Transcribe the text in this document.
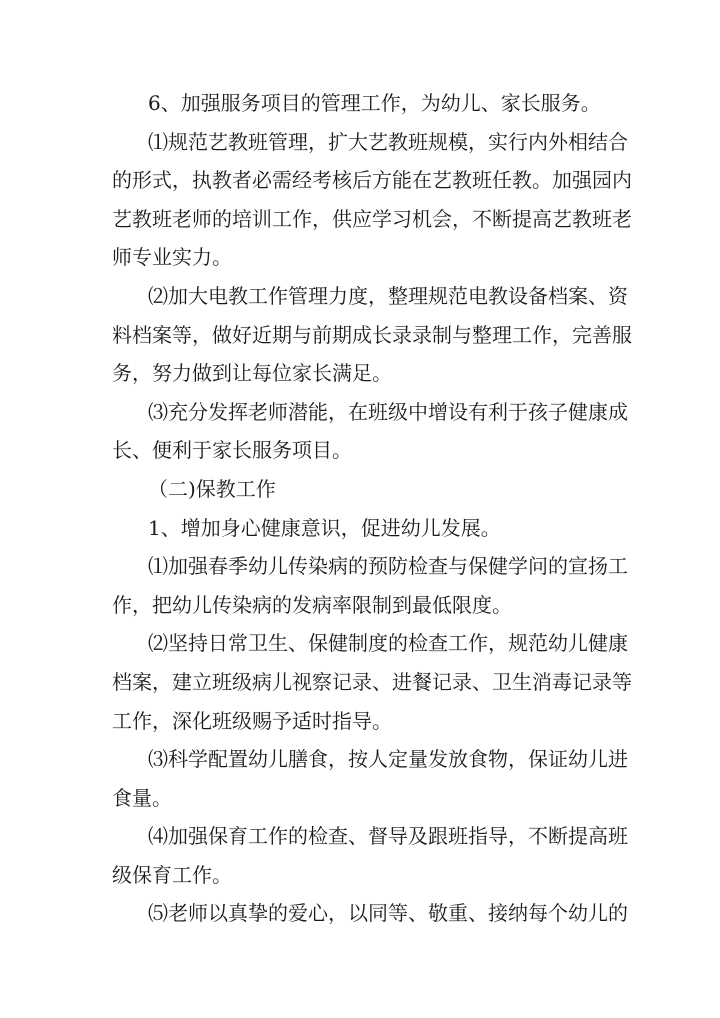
6、加强服务项目的管理工作，为幼儿、家长服务。
⑴规范艺教班管理，扩大艺教班规模，实行内外相结合
的形式，执教者必需经考核后方能在艺教班任教。加强园内
艺教班老师的培训工作，供应学习机会，不断提高艺教班老
师专业实力。
⑵加大电教工作管理力度，整理规范电教设备档案、资
料档案等，做好近期与前期成长录录制与整理工作，完善服
务，努力做到让每位家长满足。
⑶充分发挥老师潜能，在班级中增设有利于孩子健康成
长、便利于家长服务项目。
（二)保教工作
1、增加身心健康意识，促进幼儿发展。
⑴加强春季幼儿传染病的预防检查与保健学问的宣扬工
作，把幼儿传染病的发病率限制到最低限度。
⑵坚持日常卫生、保健制度的检查工作，规范幼儿健康
档案，建立班级病儿视察记录、进餐记录、卫生消毒记录等
工作，深化班级赐予适时指导。
⑶科学配置幼儿膳食，按人定量发放食物，保证幼儿进
食量。
⑷加强保育工作的检查、督导及跟班指导，不断提高班
级保育工作。
⑸老师以真挚的爱心，以同等、敬重、接纳每个幼儿的
